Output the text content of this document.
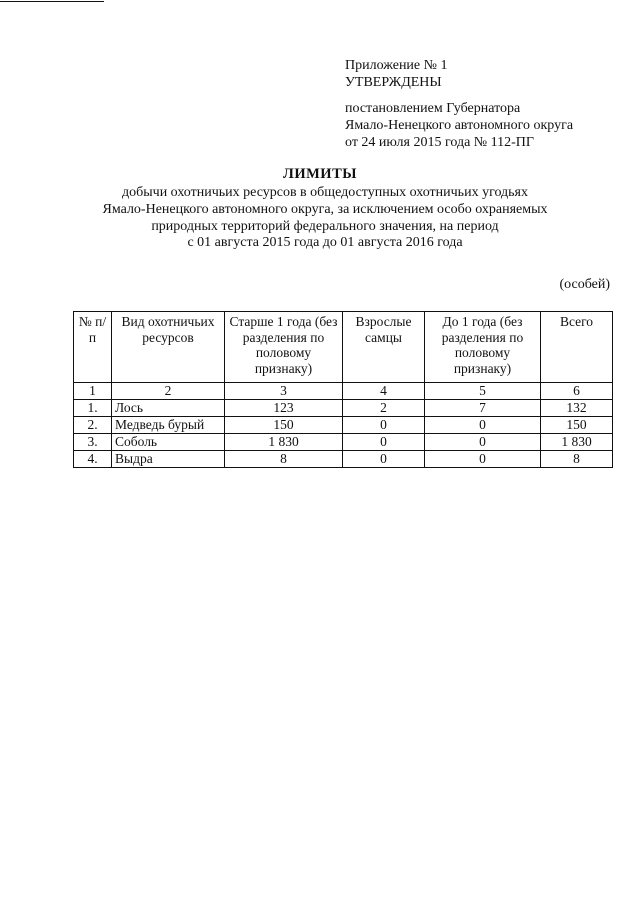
Приложение № 1
УТВЕРЖДЕНЫ
постановлением Губернатора
Ямало-Ненецкого автономного округа
от 24 июля 2015 года № 112-ПГ
ЛИМИТЫ
добычи охотничьих ресурсов в общедоступных охотничьих угодьях
Ямало-Ненецкого автономного округа, за исключением особо охраняемых
природных территорий федерального значения, на период
с 01 августа 2015 года до 01 августа 2016 года
(особей)
№ п/п	Вид охотничьих ресурсов	Старше 1 года (без разделения по половому признаку)	Взрослые самцы	До 1 года (без разделения по половому признаку)	Всего
1	2	3	4	5	6
1.	Лось	123	2	7	132
2.	Медведь бурый	150	0	0	150
3.	Соболь	1 830	0	0	1 830
4.	Выдра	8	0	0	8
